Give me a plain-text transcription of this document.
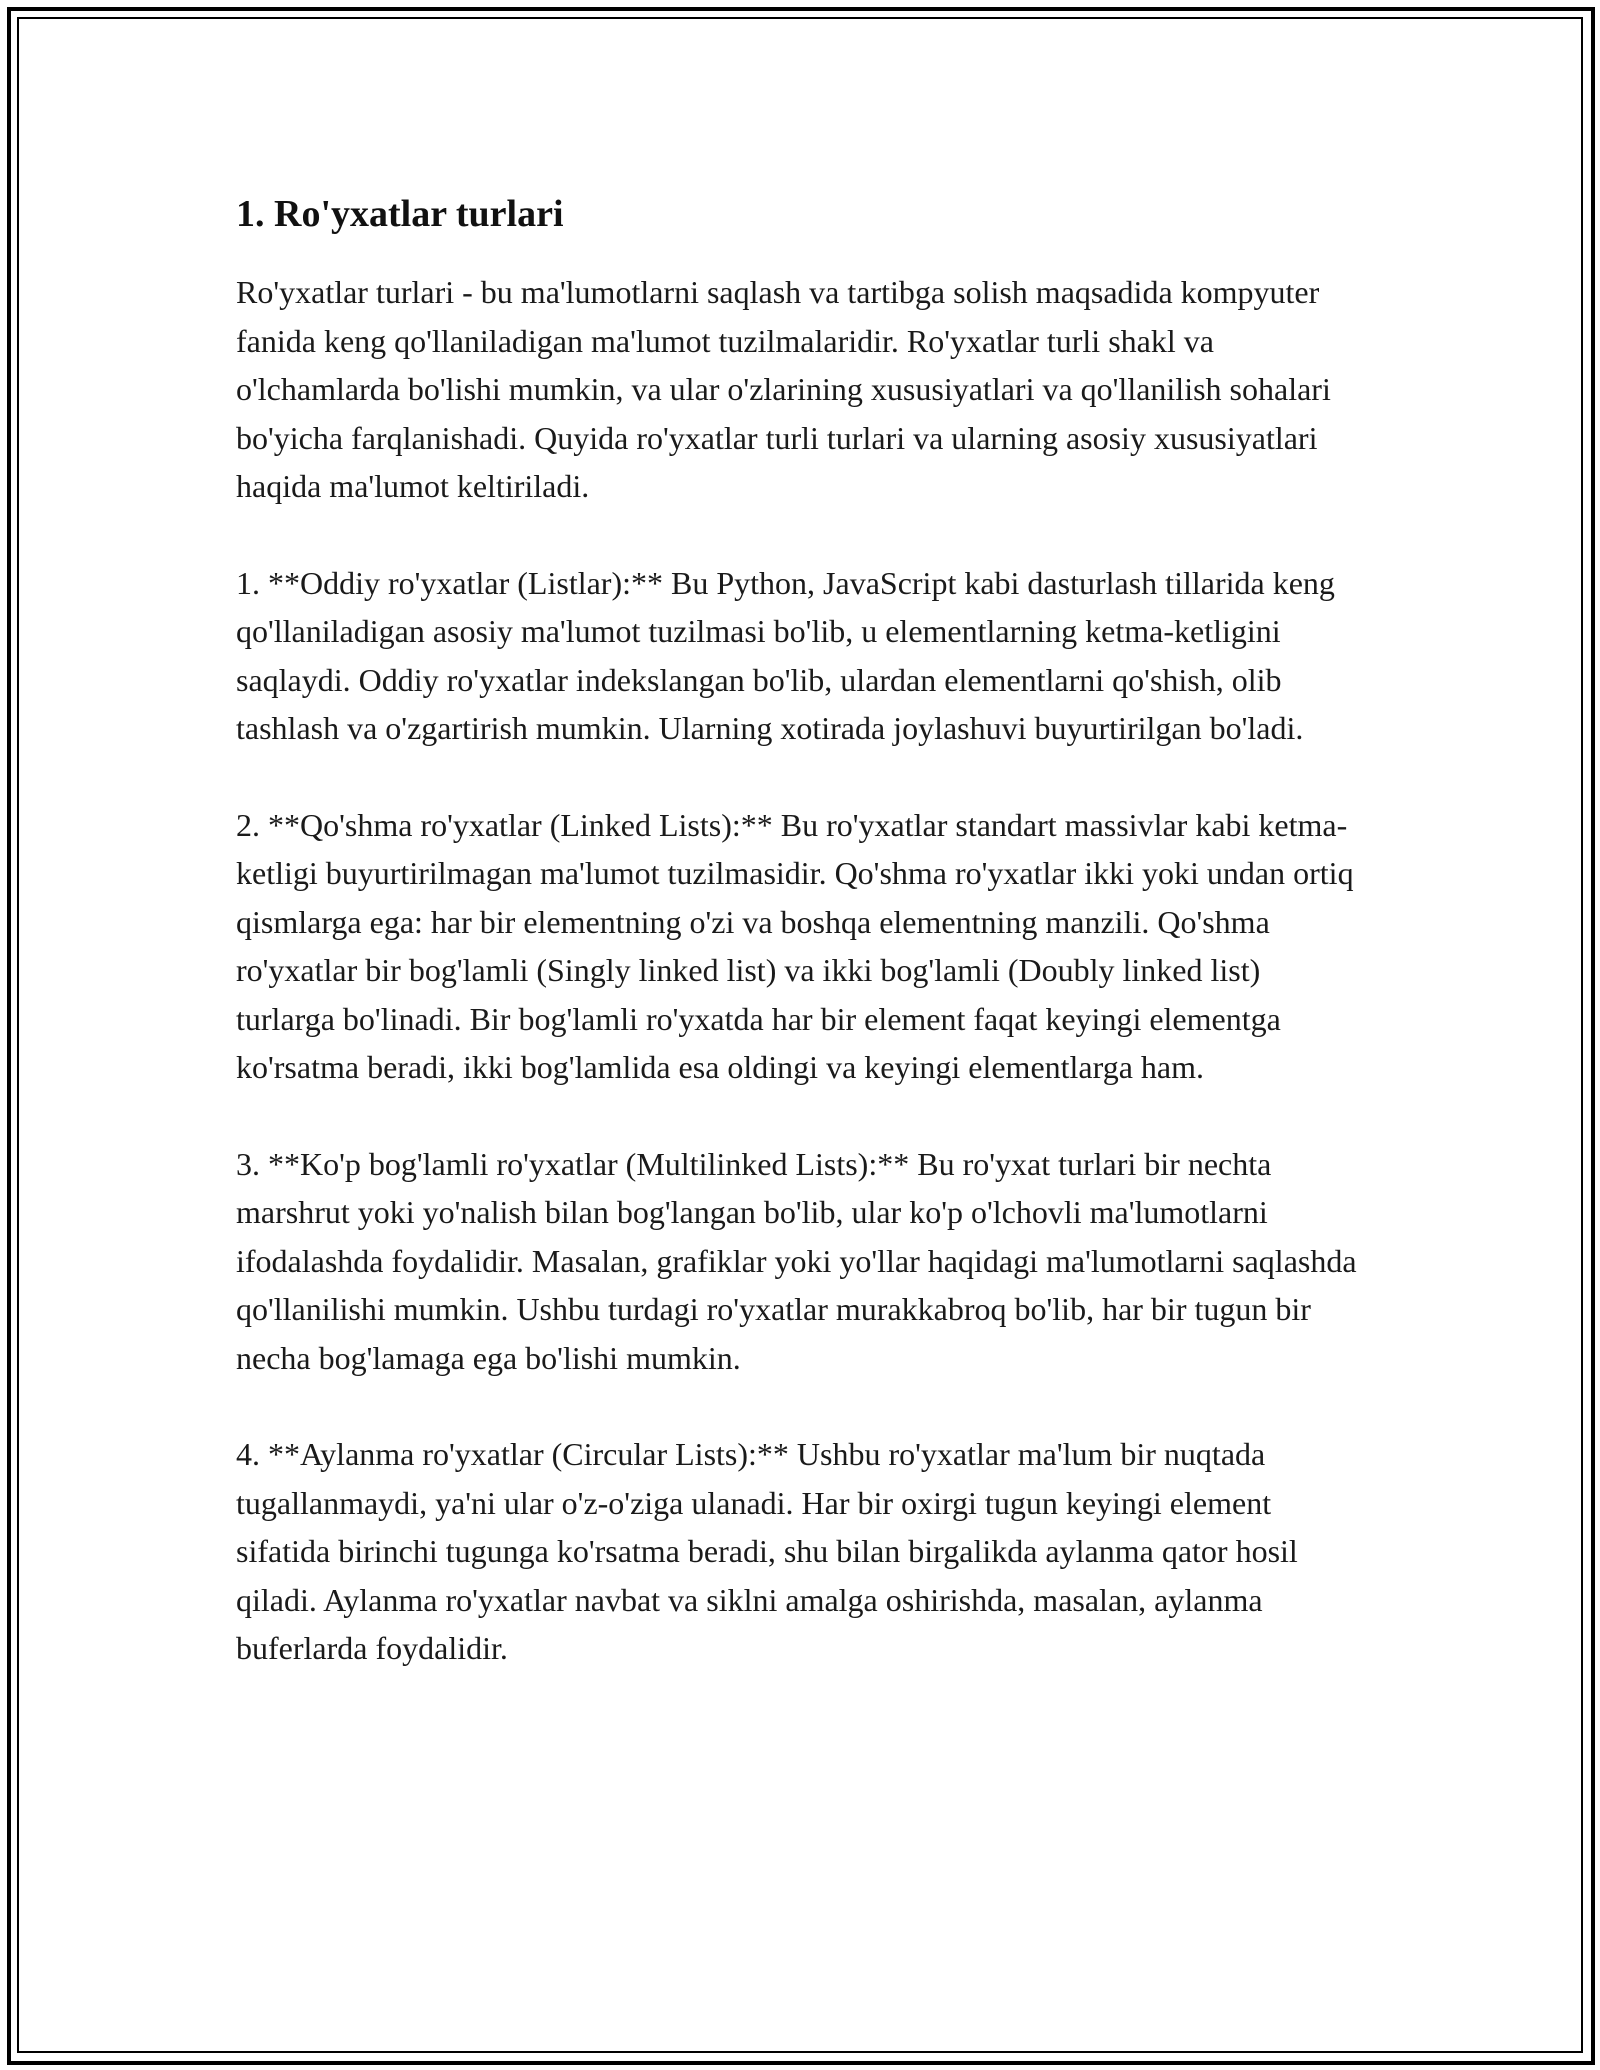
1. Ro'yxatlar turlari

Ro'yxatlar turlari - bu ma'lumotlarni saqlash va tartibga solish maqsadida kompyuter fanida keng qo'llaniladigan ma'lumot tuzilmalaridir. Ro'yxatlar turli shakl va o'lchamlarda bo'lishi mumkin, va ular o'zlarining xususiyatlari va qo'llanilish sohalari bo'yicha farqlanishadi. Quyida ro'yxatlar turli turlari va ularning asosiy xususiyatlari haqida ma'lumot keltiriladi.

1. **Oddiy ro'yxatlar (Listlar):** Bu Python, JavaScript kabi dasturlash tillarida keng qo'llaniladigan asosiy ma'lumot tuzilmasi bo'lib, u elementlarning ketma-ketligini saqlaydi. Oddiy ro'yxatlar indekslangan bo'lib, ulardan elementlarni qo'shish, olib tashlash va o'zgartirish mumkin. Ularning xotirada joylashuvi buyurtirilgan bo'ladi.

2. **Qo'shma ro'yxatlar (Linked Lists):** Bu ro'yxatlar standart massivlar kabi ketma-ketligi buyurtirilmagan ma'lumot tuzilmasidir. Qo'shma ro'yxatlar ikki yoki undan ortiq qismlarga ega: har bir elementning o'zi va boshqa elementning manzili. Qo'shma ro'yxatlar bir bog'lamli (Singly linked list) va ikki bog'lamli (Doubly linked list) turlarga bo'linadi. Bir bog'lamli ro'yxatda har bir element faqat keyingi elementga ko'rsatma beradi, ikki bog'lamlida esa oldingi va keyingi elementlarga ham.

3. **Ko'p bog'lamli ro'yxatlar (Multilinked Lists):** Bu ro'yxat turlari bir nechta marshrut yoki yo'nalish bilan bog'langan bo'lib, ular ko'p o'lchovli ma'lumotlarni ifodalashda foydalidir. Masalan, grafiklar yoki yo'llar haqidagi ma'lumotlarni saqlashda qo'llanilishi mumkin. Ushbu turdagi ro'yxatlar murakkabroq bo'lib, har bir tugun bir necha bog'lamaga ega bo'lishi mumkin.

4. **Aylanma ro'yxatlar (Circular Lists):** Ushbu ro'yxatlar ma'lum bir nuqtada tugallanmaydi, ya'ni ular o'z-o'ziga ulanadi. Har bir oxirgi tugun keyingi element sifatida birinchi tugunga ko'rsatma beradi, shu bilan birgalikda aylanma qator hosil qiladi. Aylanma ro'yxatlar navbat va siklni amalga oshirishda, masalan, aylanma buferlarda foydalidir.
